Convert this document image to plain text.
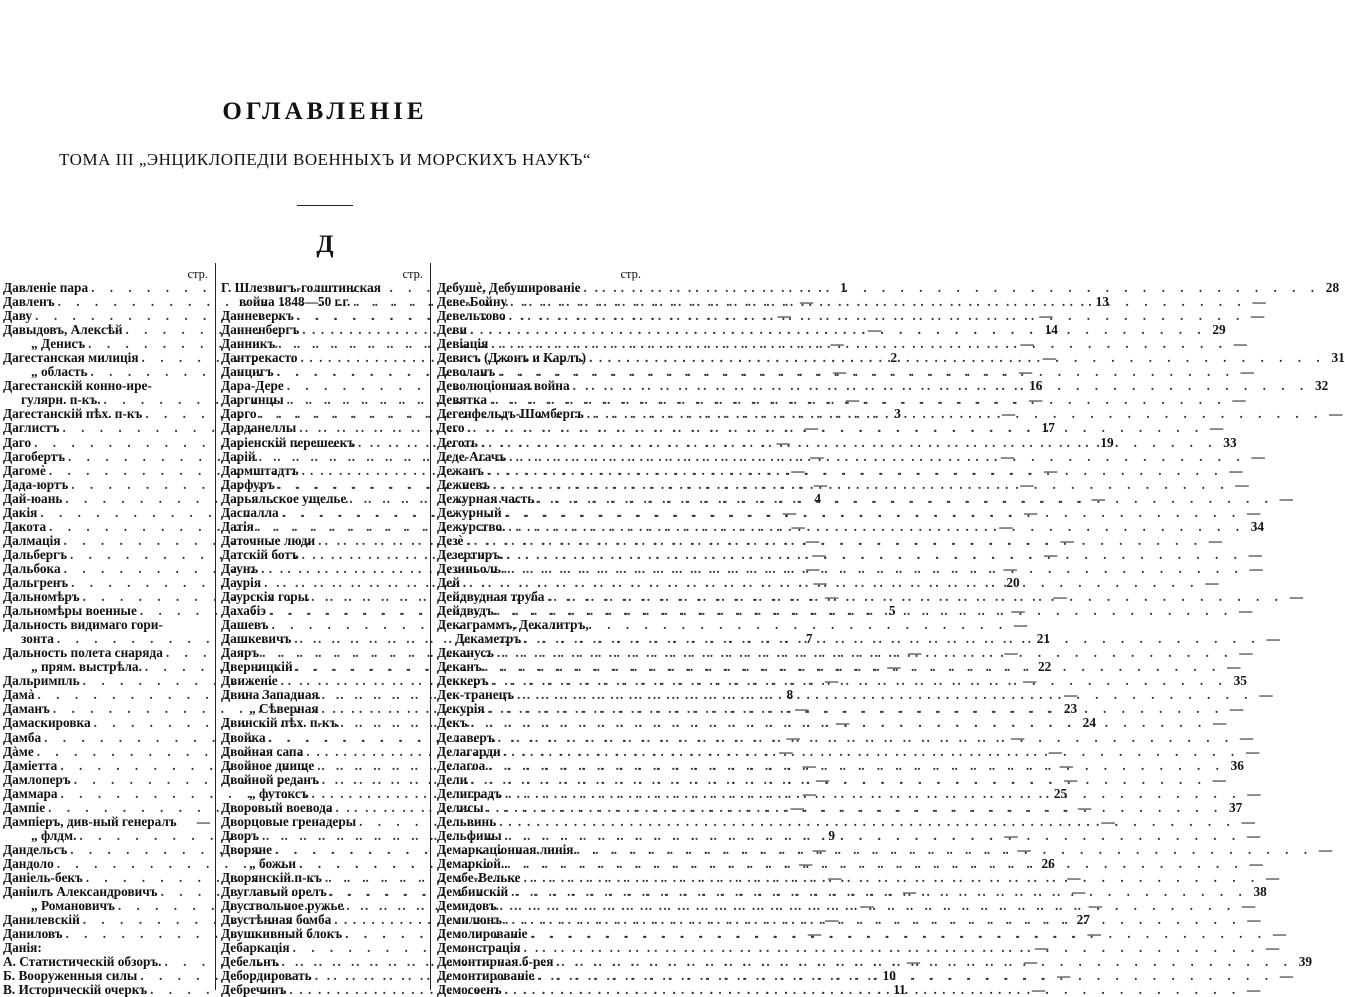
ОГЛАВЛЕНІЕ
ТОМА III „ЭНЦИКЛОПЕДІИ ВОЕННЫХЪ И МОРСКИХЪ НАУКЪ“
Д
стр.
Давленіе пара . . .	1
Давленъ . . .	—
Даву . . .	—
Давыдовъ, Алексѣй . . .	—
„ Денисъ . . .	—
Дагестанская милиція . . .	2
„ область . . .	—
Дагестанскій конно-ире-
гулярн. п-къ. . . .	—
Дагестанскій пѣх. п-къ . . .	3
Даглистъ . . .	—
Даго . . .	—
Дагобертъ . . .	—
Дагомѐ . . .	—
Дада-юртъ . . .	—
Дай-юань . . .	4
Дакія . . .	—
Дакота . . .	—
Далмація . . .	—
Дальбергъ . . .	—
Дальбока . . .	—
Дальгренъ . . .	—
Дальномѣръ . . .	—
Дальномѣры военные . . .	5
Дальность видимаго гори-
зонта . . .	7
Дальность полета снаряда . . .	—
„ прям. выстрѣла. . . .	—
Дальримпль . . .	—
Дамà . . .	8
Даманъ . . .	—
Дамаскировка . . .	—
Дамба . . .	—
Дàме . . .	—
Даміетта . . .	—
Дамлоперъ . . .	—
Даммара . . .	—
Дампіе . . .	—
Дампіеръ, див-ный генералъ —
„ флдм. . . .	9
Дандельсъ . . .	—
Дандоло . . .	—
Даніель-бекъ . . .	—
Даніилъ Александровичъ . . .	—
„ Романовичъ . . .	—
Данилевскій . . .	—
Даниловъ . . .	—
Данія:
А. Статистическій обзоръ. . . .	—
Б. Вооруженныя силы . . .	10
В. Историческій очеркъ . . .	11
стр.
Г. Шлезвигъ-голштинская
война 1848—50 г.г. . . .	13
Данневеркъ . . .	—
Данненбергъ . . .	14
Данникъ . . .	—
Дантрекасто . . .	—
Данцигъ . . .	—
Дара-Дере . . .	16
Даргинцы . . .	—
Дарго . . .	—
Дарданеллы . . .	17
Даріенскій перешеекъ . . .	19
Дарій . . .	—
Дармштадтъ . . .	—
Дарфуръ . . .	—
Дарьяльское ущелье . . .	—
Даспалла . . .	—
Датія . . .	—
Даточные люди . . .	—
Датскій ботъ . . .	—
Даунъ . . .	—
Даурія . . .	20
Даурскія горы . . .	—
Дахабіэ . . .	—
Дашевъ . . .	—
Дашкевичъ . . .	21
Даяръ . . .	—
Дверницкій . . .	22
Движеніе . . .	—
Двина Западная . . .	—
„ Сѣверная . . .	23
Двинскій пѣх. п-къ . . .	24
Двойка . . .	—
Двойная сапа . . .	—
Двойное днище . . .	—
Двойной реданъ . . .	—
„ футоксъ . . .	25
Дворовый воевода . . .	—
Дворцовые гренадеры . . .	—
Дворъ . . .	—
Дворяне . . .	—
„ божьи . . .	26
Дворянскій п-къ . . .	—
Двуглавый орелъ . . .	—
Двуствольное ружье . . .	—
Двустѣнная бомба . . .	27
Двушкивный блокъ . . .	—
Дебаркація . . .	—
Дебельнъ . . .	—
Дебордировать . . .	—
Дебречинъ . . .	—
стр.
Дебушѐ, Дебушированіе . . .	28
Деве-Бойну . . .	—
Девельтово . . .	—
Деви . . .	29
Девіація . . .	—
Девисъ (Джонъ и Карлъ) . . .	31
Деволанъ . . .	—
Деволюціонная война . . .	32
Девятка . . .	—
Дегенфельдъ-Шомбергъ . . .	—
Дего . . .	—
Деготь . . .	33
Деде-Агачъ . . .	—
Дежанъ . . .	—
Дежневъ . . .	—
Дежурная часть . . .	—
Дежурный . . .	—
Дежурство. . . .	34
Дезѐ . . .	—
Дезертиръ. . . .	—
Дезиньоль. . . .	—
Дей . . .	—
Дейдвудная труба . . .	—
Дейдвудъ . . .	—
Декаграммъ, Декалитръ,
Декаметръ . . .	—
Деканусъ . . .	—
Деканъ . . .	—
Деккеръ . . .	35
Дек-транецъ . . .	—
Декурія . . .	—
Декъ . . .	—
Делаверъ . . .	—
Делагарди . . .	—
Делагоа . . .	36
Дели . . .	—
Делиградъ . . .	—
Делисы . . .	37
Дельвинь . . .	—
Дельфины . . .	—
Демаркаціонная линія . . .	—
Демаркіой. . . .	—
Дембе-Вельке . . .	—
Дембинскій . . .	38
Демидовъ . . .	—
Демилюнъ . . .	—
Демолированіе . . .	—
Демонстрація . . .	—
Демонтирная б-рея . . .	39
Демонтированіе . . .	—
Демосѳенъ . . .	—
